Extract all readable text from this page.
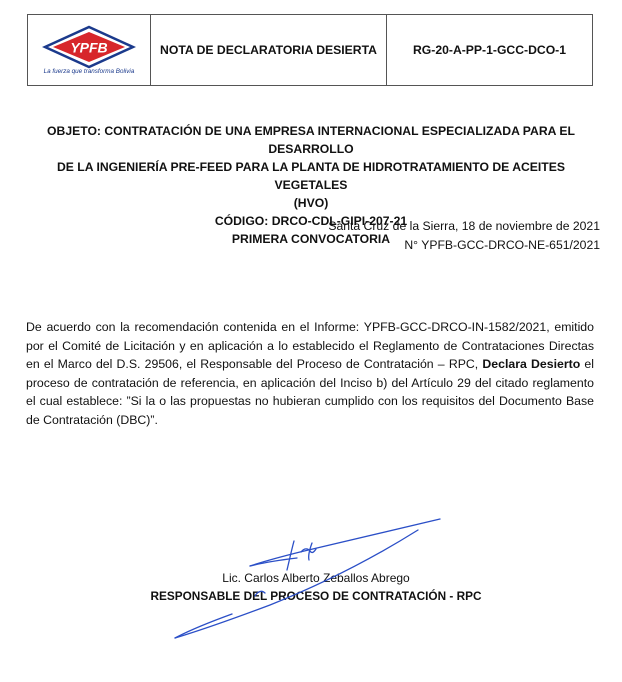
YPFB
La fuerza que transforma Bolivia
	NOTA DE DECLARATORIA DESIERTA	RG-20-A-PP-1-GCC-DCO-1
OBJETO: CONTRATACIÓN DE UNA EMPRESA INTERNACIONAL ESPECIALIZADA PARA EL DESARROLLO
DE LA INGENIERÍA PRE-FEED PARA LA PLANTA DE HIDROTRATAMIENTO DE ACEITES VEGETALES
(HVO)
CÓDIGO: DRCO-CDL-GIPI-207-21
PRIMERA CONVOCATORIA
Santa Cruz de la Sierra, 18 de noviembre de 2021
N° YPFB-GCC-DRCO-NE-651/2021
De acuerdo con la recomendación contenida en el Informe: YPFB-GCC-DRCO-IN-1582/2021, emitido por el Comité de Licitación y en aplicación a lo establecido el Reglamento de Contrataciones Directas en el Marco del D.S. 29506, el Responsable del Proceso de Contratación – RPC, Declara Desierto el proceso de contratación de referencia, en aplicación del Inciso b) del Artículo 29 del citado reglamento el cual establece: ”Si la o las propuestas no hubieran cumplido con los requisitos del Documento Base de Contratación (DBC)”.
Lic. Carlos Alberto Zeballos Abrego
RESPONSABLE DEL PROCESO DE CONTRATACIÓN - RPC
